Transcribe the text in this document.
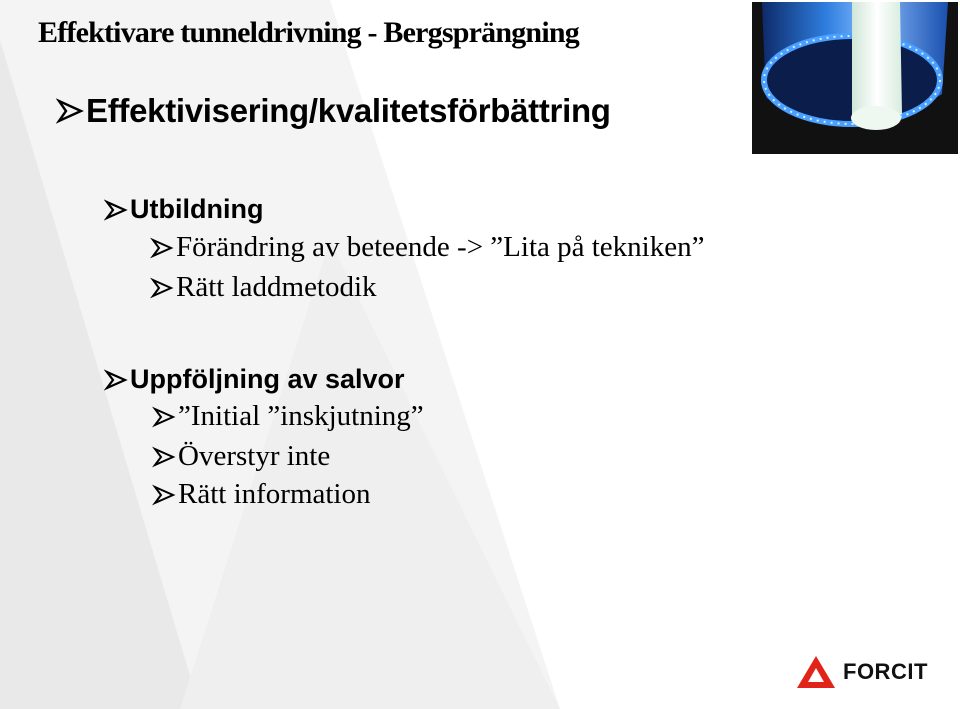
Effektivare tunneldrivning - Bergsprängning
Effektivisering/kvalitetsförbättring
Utbildning
Förändring av beteende -> ”Lita på tekniken”
Rätt laddmetodik
Uppföljning av salvor
”Initial ”inskjutning”
Överstyr inte
Rätt information
FORCIT
